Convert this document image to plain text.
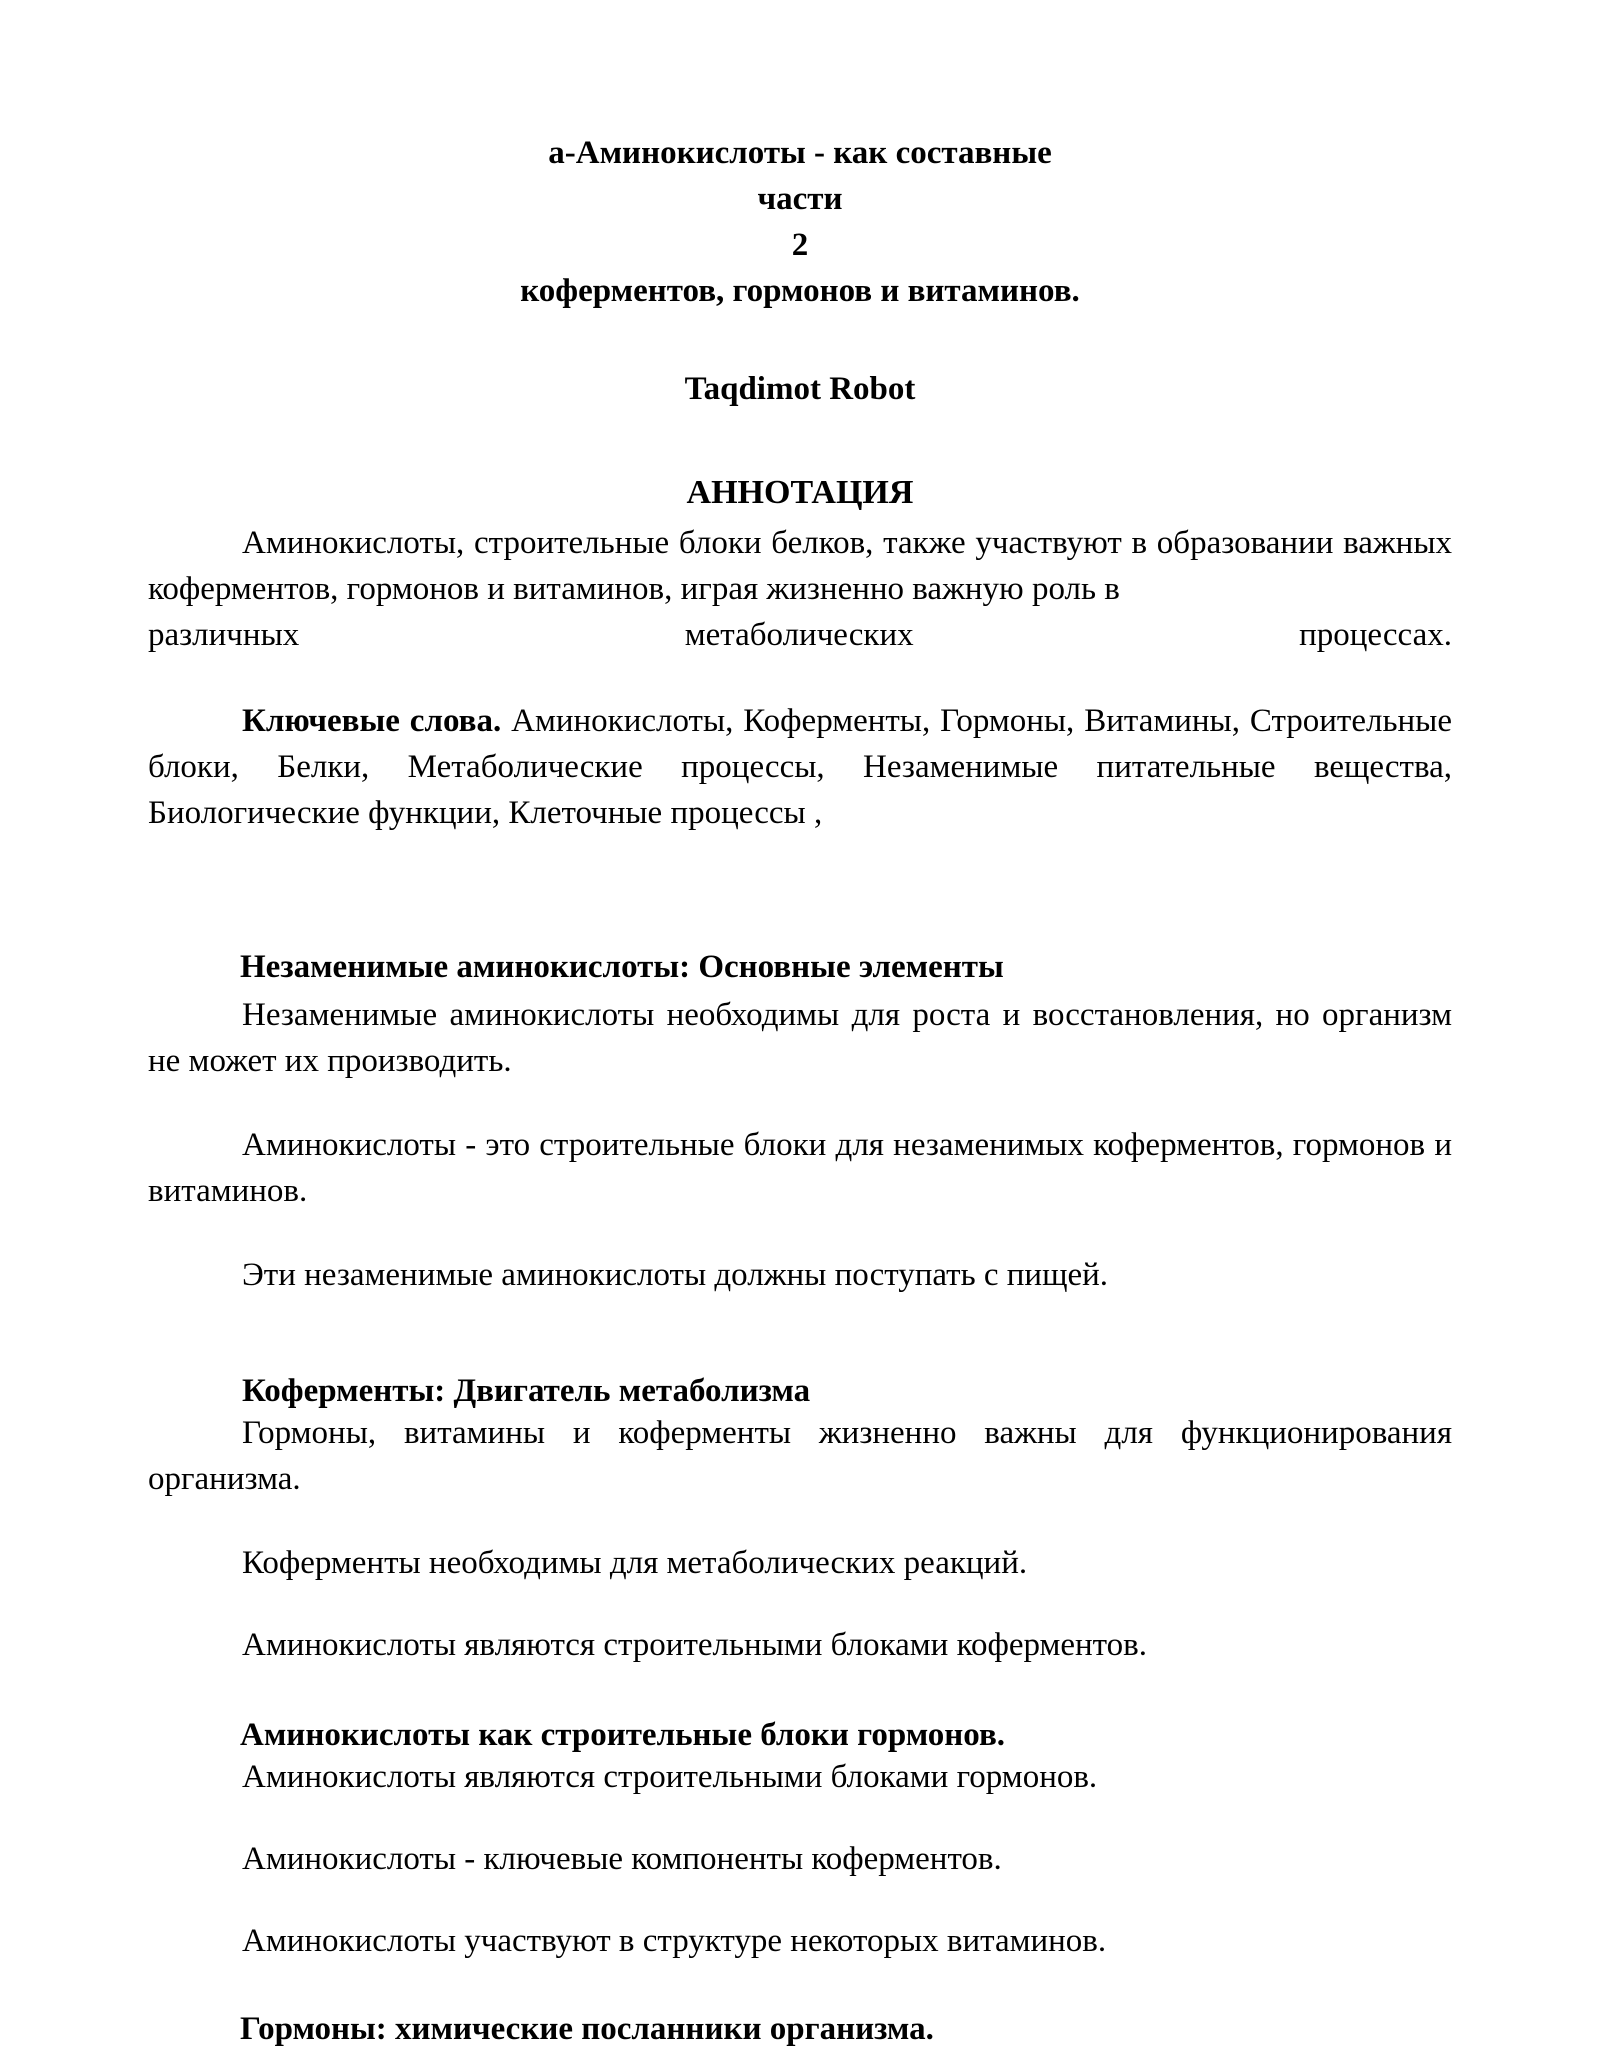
а-Аминокислоты - как составные
части
2
коферментов, гормонов и витаминов.
Taqdimot Robot
АННОТАЦИЯ
Аминокислоты, строительные блоки белков, также участвуют в образовании важных коферментов, гормонов и витаминов, играя жизненно важную роль в
различных метаболических процессах.
Ключевые слова. Аминокислоты, Коферменты, Гормоны, Витамины, Строительные блоки, Белки, Метаболические процессы, Незаменимые питательные вещества, Биологические функции, Клеточные процессы ,
Незаменимые аминокислоты: Основные элементы
Незаменимые аминокислоты необходимы для роста и восстановления, но организм не может их производить.
Аминокислоты - это строительные блоки для незаменимых коферментов, гормонов и витаминов.
Эти незаменимые аминокислоты должны поступать с пищей.
Коферменты: Двигатель метаболизма
Гормоны, витамины и коферменты жизненно важны для функционирования организма.
Коферменты необходимы для метаболических реакций.
Аминокислоты являются строительными блоками коферментов.
Аминокислоты как строительные блоки гормонов.
Аминокислоты являются строительными блоками гормонов.
Аминокислоты - ключевые компоненты коферментов.
Аминокислоты участвуют в структуре некоторых витаминов.
Гормоны: химические посланники организма.
